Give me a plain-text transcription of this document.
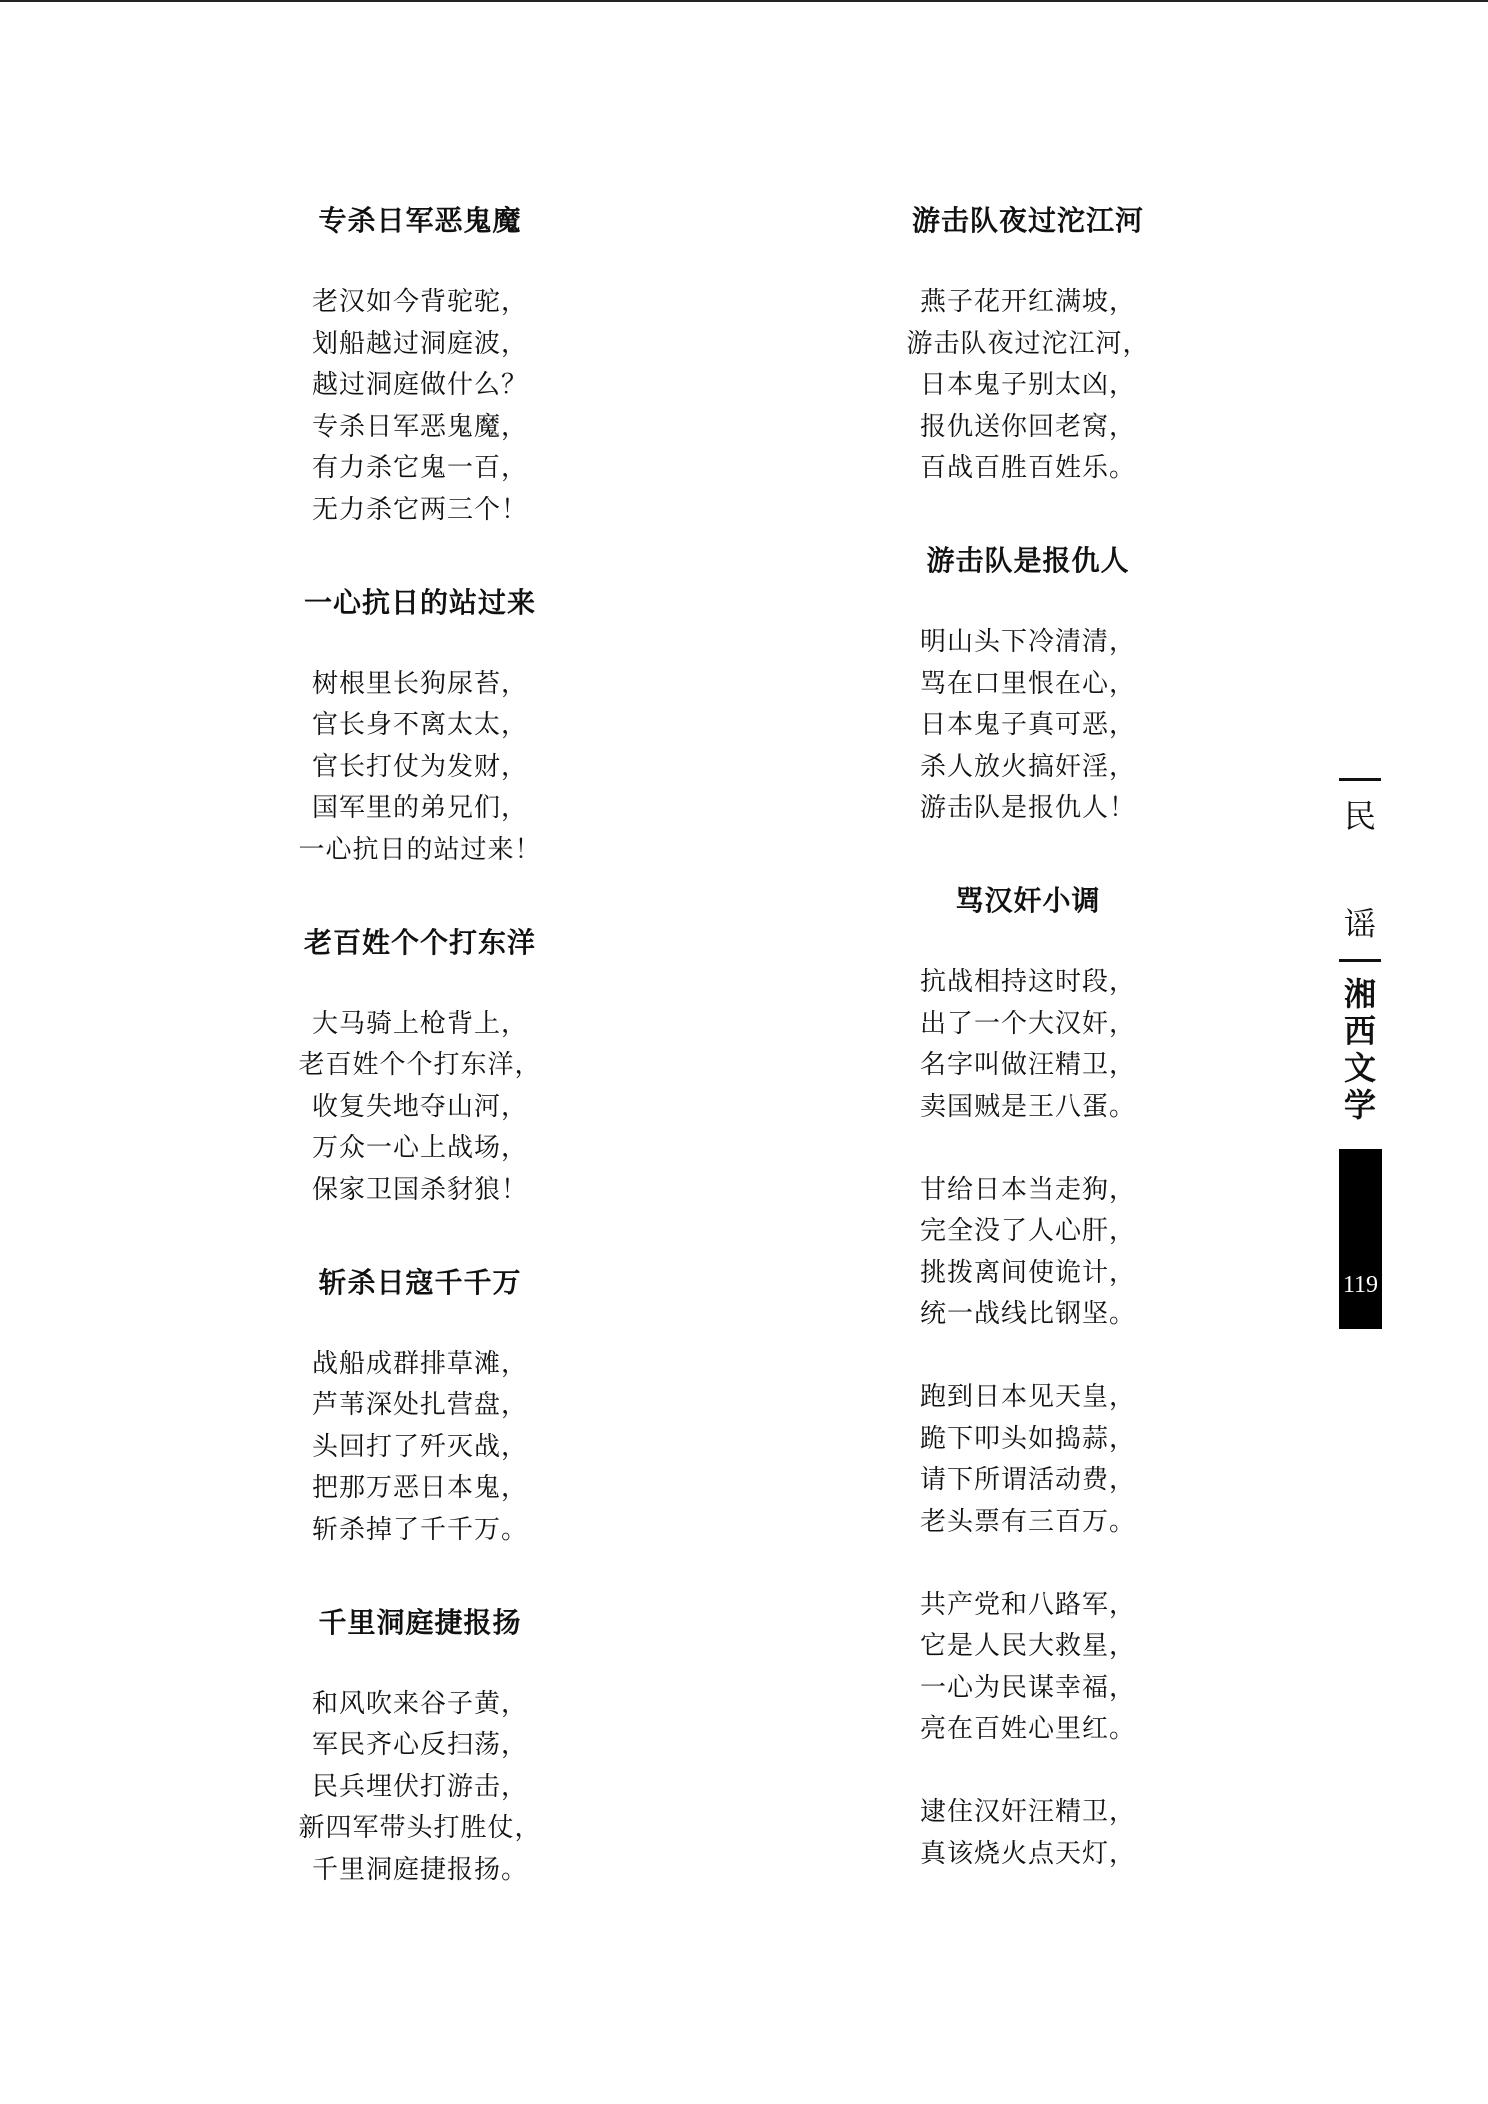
专杀日军恶鬼魔
老汉如今背驼驼，
划船越过洞庭波，
越过洞庭做什么？
专杀日军恶鬼魔，
有力杀它鬼一百，
无力杀它两三个！
一心抗日的站过来
树根里长狗尿苔，
官长身不离太太，
官长打仗为发财，
国军里的弟兄们，
一心抗日的站过来！
老百姓个个打东洋
大马骑上枪背上，
老百姓个个打东洋，
收复失地夺山河，
万众一心上战场，
保家卫国杀豺狼！
斩杀日寇千千万
战船成群排草滩，
芦苇深处扎营盘，
头回打了歼灭战，
把那万恶日本鬼，
斩杀掉了千千万。
千里洞庭捷报扬
和风吹来谷子黄，
军民齐心反扫荡，
民兵埋伏打游击，
新四军带头打胜仗，
千里洞庭捷报扬。
游击队夜过沱江河
燕子花开红满坡，
游击队夜过沱江河，
日本鬼子别太凶，
报仇送你回老窝，
百战百胜百姓乐。
游击队是报仇人
明山头下冷清清，
骂在口里恨在心，
日本鬼子真可恶，
杀人放火搞奸淫，
游击队是报仇人！
骂汉奸小调
抗战相持这时段，
出了一个大汉奸，
名字叫做汪精卫，
卖国贼是王八蛋。
甘给日本当走狗，
完全没了人心肝，
挑拨离间使诡计，
统一战线比钢坚。
跑到日本见天皇，
跪下叩头如捣蒜，
请下所谓活动费，
老头票有三百万。
共产党和八路军，
它是人民大救星，
一心为民谋幸福，
亮在百姓心里红。
逮住汉奸汪精卫，
真该烧火点天灯，
民
谣
湘
西
文
学
119
